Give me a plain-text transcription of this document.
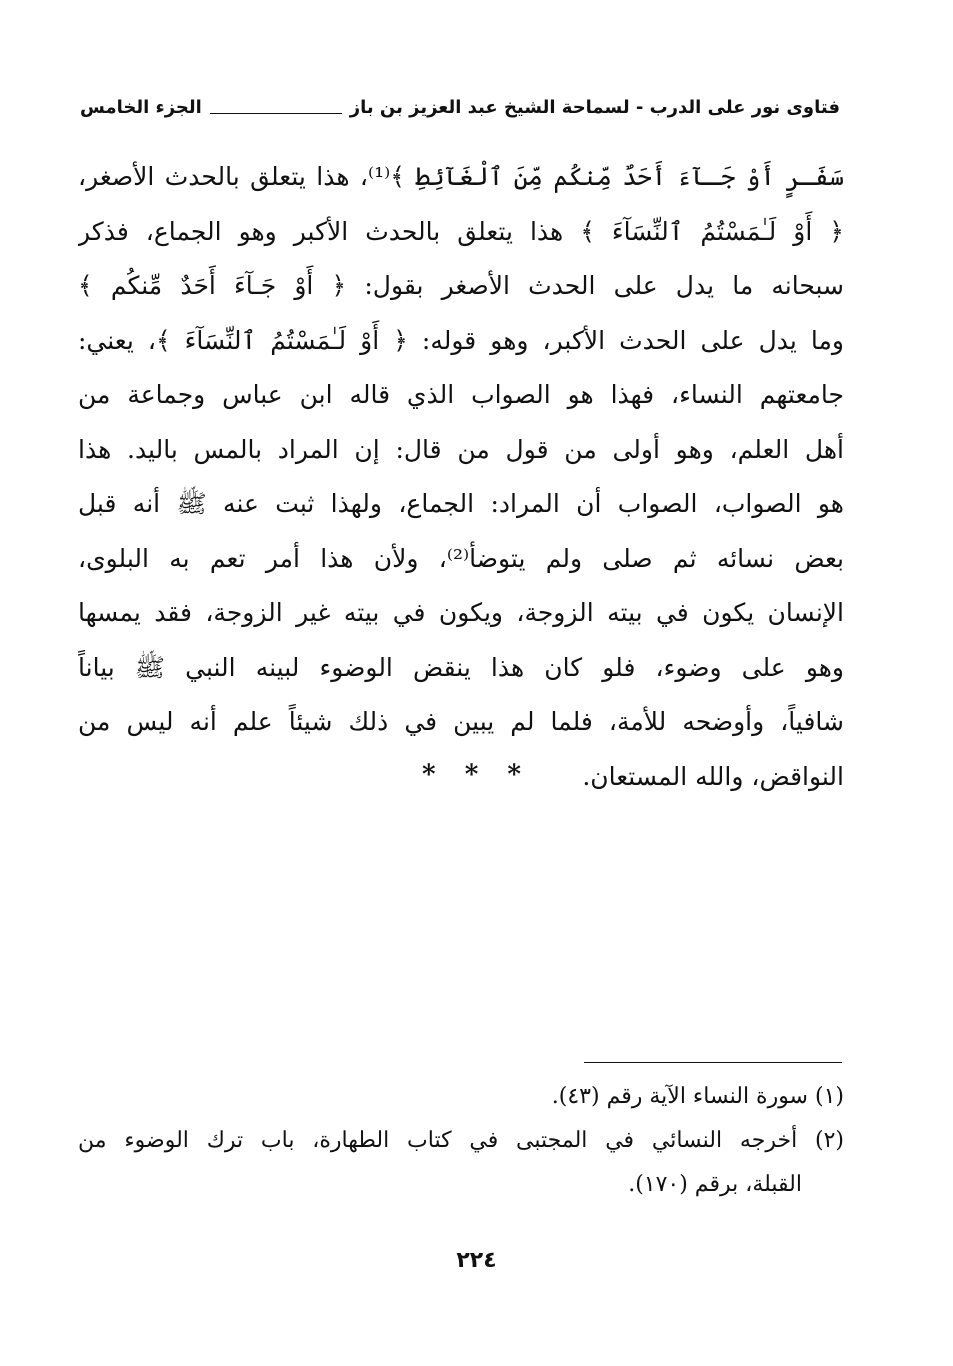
فتاوى نور على الدرب - لسماحة الشيخ عبد العزيز بن باز
الجزء الخامس
سَفَـرٍ أَوْ جَـآءَ أَحَدٌ مِّنكُم مِّنَ ٱلْغَآئِطِ ﴾⁽¹⁾، هذا يتعلق بالحدث الأصغر،
﴿ أَوْ لَـٰمَسْتُمُ ٱلنِّسَآءَ ﴾ هذا يتعلق بالحدث الأكبر وهو الجماع، فذكر
سبحانه ما يدل على الحدث الأصغر بقول: ﴿ أَوْ جَـآءَ أَحَدٌ مِّنكُم ﴾
وما يدل على الحدث الأكبر، وهو قوله: ﴿ أَوْ لَـٰمَسْتُمُ ٱلنِّسَآءَ ﴾، يعني:
جامعتهم النساء، فهذا هو الصواب الذي قاله ابن عباس وجماعة من
أهل العلم، وهو أولى من قول من قال: إن المراد بالمس باليد. هذا
هو الصواب، الصواب أن المراد: الجماع، ولهذا ثبت عنه ﷺ أنه قبل
بعض نسائه ثم صلى ولم يتوضأ⁽²⁾، ولأن هذا أمر تعم به البلوى،
الإنسان يكون في بيته الزوجة، ويكون في بيته غير الزوجة، فقد يمسها
وهو على وضوء، فلو كان هذا ينقض الوضوء لبينه النبي ﷺ بياناً
شافياً، وأوضحه للأمة، فلما لم يبين في ذلك شيئاً علم أنه ليس من
النواقض، والله المستعان.
* * *
(١) سورة النساء الآية رقم (٤٣).
(٢) أخرجه النسائي في المجتبى في كتاب الطهارة، باب ترك الوضوء من
القبلة، برقم (١٧٠).
٢٢٤
